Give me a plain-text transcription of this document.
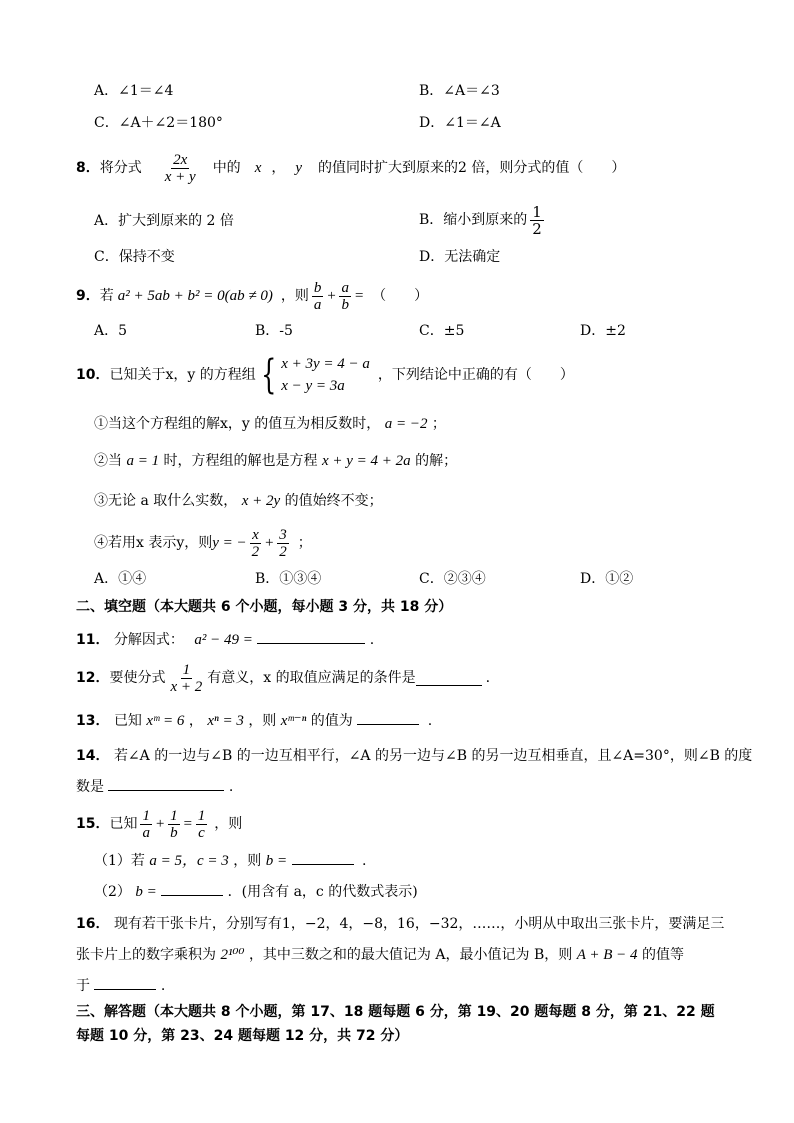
A．∠1＝∠4	B．∠A＝∠3
C．∠A＋∠2＝180°	D．∠1＝∠A
8． 将分式 $\frac{2x}{x + y}$ 中的 x ， y 的值同时扩大到原来的2 倍，则分式的值（　　）
A．扩大到原来的 2 倍	B．缩小到原来的 $\frac{1}{2}$
C．保持不变	D．无法确定
9． 若 a² + 5ab + b² = 0(ab ≠ 0) ，则 $\frac{b}{a} + \frac{a}{b}$ = （　　）
A．5	B．-5	C．±5	D．±2
10． 已知关于x，y 的方程组 { x + 3y = 4 − a
x − y = 3a
，下列结论中正确的有（　　）
①当这个方程组的解x，y 的值互为相反数时， a = −2 ；
②当 a = 1 时，方程组的解也是方程 x + y = 4 + 2a 的解；
③无论 a 取什么实数， x + 2y 的值始终不变；
④若用x 表示y，则 y = − $\frac{x}{2} + \frac{3}{2}$ ；
A．①④	B．①③④	C．②③④	D．①②
二、填空题（本大题共 6 个小题，每小题 3 分，共 18 分）
11． 分解因式： a² − 49 =	.
12． 要使分式 $\frac{1}{x + 2}$ 有意义，x 的取值应满足的条件是	.
13． 已知 xᵐ = 6 ， xⁿ = 3 ，则 xᵐ⁻ⁿ 的值为	.
14． 若∠A 的一边与∠B 的一边互相平行，∠A 的另一边与∠B 的另一边互相垂直，且∠A=30°，则∠B 的度
数是	.
15． 已知 $\frac{1}{a} + \frac{1}{b} = \frac{1}{c}$ ，则
（1）若 a = 5，c = 3 ，则 b =	.
（2） b =	．(用含有 a，c 的代数式表示)
16． 现有若干张卡片，分别写有1，−2，4，−8，16，−32，……，小明从中取出三张卡片，要满足三
张卡片上的数字乘积为 2¹⁰⁰ ，其中三数之和的最大值记为 A，最小值记为 B，则 A + B − 4 的值等
于	.
三、解答题（本大题共 8 个小题，第 17、18 题每题 6 分，第 19、20 题每题 8 分，第 21、22 题
每题 10 分，第 23、24 题每题 12 分，共 72 分）
